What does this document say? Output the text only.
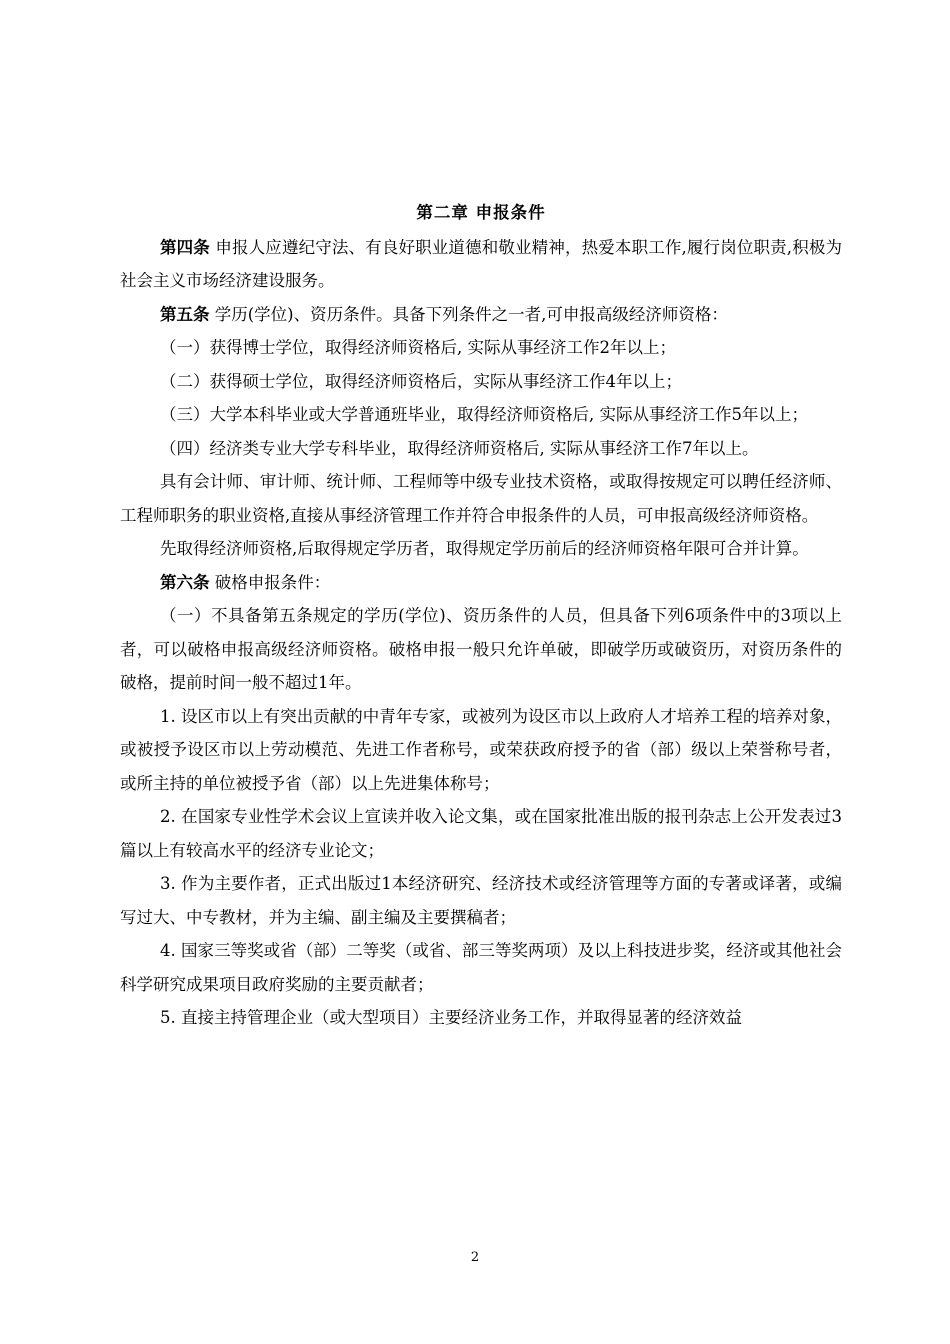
第二章 申报条件

第四条 申报人应遵纪守法、有良好职业道德和敬业精神，热爱本职工作,履行岗位职责,积极为社会主义市场经济建设服务。

第五条 学历(学位)、资历条件。具备下列条件之一者,可申报高级经济师资格：

（一）获得博士学位，取得经济师资格后, 实际从事经济工作2年以上；

（二）获得硕士学位，取得经济师资格后，实际从事经济工作4年以上；

（三）大学本科毕业或大学普通班毕业，取得经济师资格后, 实际从事经济工作5年以上；

（四）经济类专业大学专科毕业，取得经济师资格后, 实际从事经济工作7年以上。

具有会计师、审计师、统计师、工程师等中级专业技术资格，或取得按规定可以聘任经济师、工程师职务的职业资格,直接从事经济管理工作并符合申报条件的人员，可申报高级经济师资格。

先取得经济师资格,后取得规定学历者，取得规定学历前后的经济师资格年限可合并计算。

第六条 破格申报条件：

（一）不具备第五条规定的学历(学位)、资历条件的人员，但具备下列6项条件中的3项以上者，可以破格申报高级经济师资格。破格申报一般只允许单破，即破学历或破资历，对资历条件的破格，提前时间一般不超过1年。

1. 设区市以上有突出贡献的中青年专家，或被列为设区市以上政府人才培养工程的培养对象，或被授予设区市以上劳动模范、先进工作者称号，或荣获政府授予的省（部）级以上荣誉称号者，或所主持的单位被授予省（部）以上先进集体称号；

2. 在国家专业性学术会议上宣读并收入论文集，或在国家批准出版的报刊杂志上公开发表过3篇以上有较高水平的经济专业论文；

3. 作为主要作者，正式出版过1本经济研究、经济技术或经济管理等方面的专著或译著，或编写过大、中专教材，并为主编、副主编及主要撰稿者；

4. 国家三等奖或省（部）二等奖（或省、部三等奖两项）及以上科技进步奖，经济或其他社会科学研究成果项目政府奖励的主要贡献者；

5. 直接主持管理企业（或大型项目）主要经济业务工作，并取得显著的经济效益

2
